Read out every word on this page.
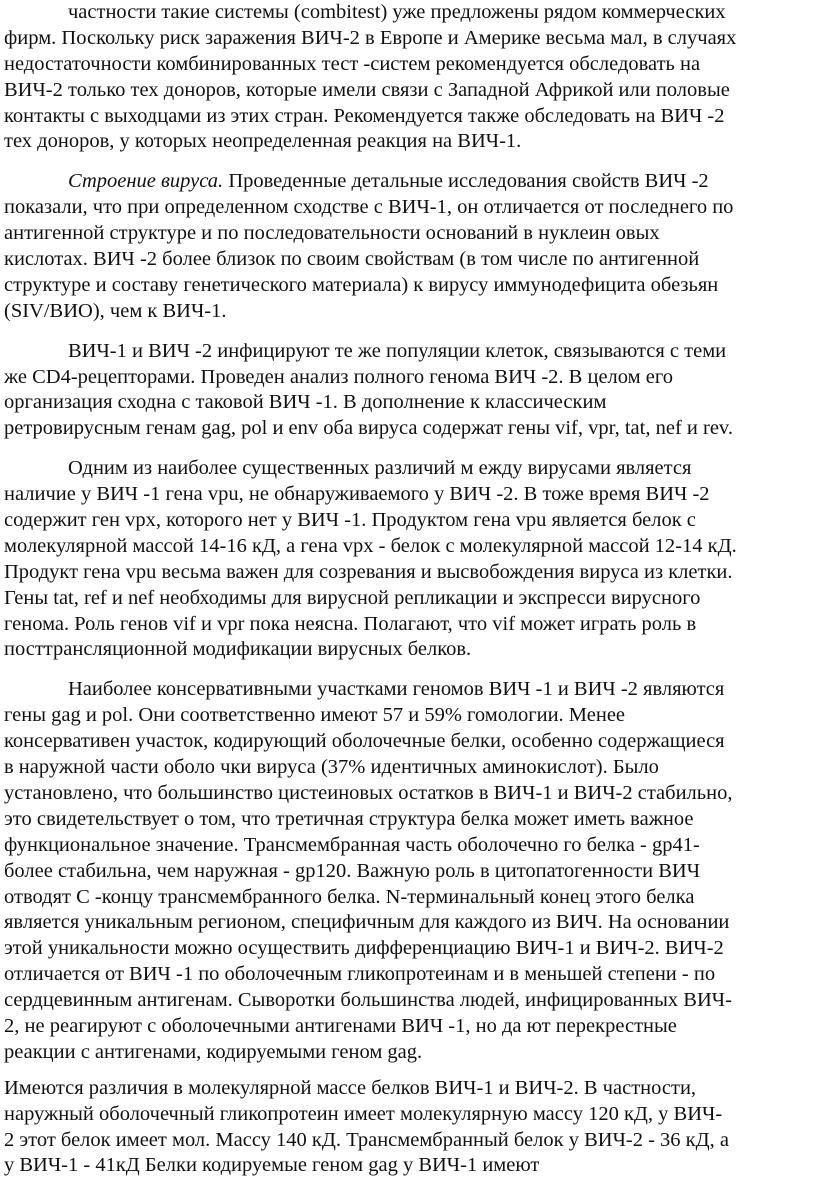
частности такие системы (combitest) уже предложены рядом коммерческих
фирм. Поскольку риск заражения ВИЧ-2 в Европе и Америке весьма мал, в случаях
недостаточности комбинированных тест -систем рекомендуется обследовать на
ВИЧ-2 только тех доноров, которые имели связи с Западной Африкой или половые
контакты с выходцами из этих стран. Рекомендуется также обследовать на ВИЧ -2
тех доноров, у которых неопределенная реакция на ВИЧ-1.
Строение вируса. Проведенные детальные исследования свойств ВИЧ -2
показали, что при определенном сходстве с ВИЧ-1, он отличается от последнего по
антигенной структуре и по последовательности оснований в нуклеин овых
кислотах. ВИЧ -2 более близок по своим свойствам (в том числе по антигенной
структуре и составу генетического материала) к вирусу иммунодефицита обезьян
(SIV/ВИО), чем к ВИЧ-1.
ВИЧ-1 и ВИЧ -2 инфицируют те же популяции клеток, связываются с теми
же CD4-рецепторами. Проведен анализ полного генома ВИЧ -2. В целом его
организация сходна с таковой ВИЧ -1. В дополнение к классическим
ретровирусным генам gag, pol и env оба вируса содержат гены vif, vpr, tat, nef и rev.
Одним из наиболее существенных различий м ежду вирусами является
наличие у ВИЧ -1 гена vpu, не обнаруживаемого у ВИЧ -2. В тоже время ВИЧ -2
содержит ген vpx, которого нет у ВИЧ -1. Продуктом гена vpu является белок с
молекулярной массой 14-16 кД, а гена vpx - белок с молекулярной массой 12-14 кД.
Продукт гена vpu весьма важен для созревания и высвобождения вируса из клетки.
Гены tat, ref и nef необходимы для вирусной репликации и экспресси вирусного
генома. Роль генов vif и vpr пока неясна. Полагают, что vif может играть роль в
посттрансляционной модификации вирусных белков.
Наиболее консервативными участками геномов ВИЧ -1 и ВИЧ -2 являются
гены gag и pol. Они соответственно имеют 57 и 59% гомологии. Менее
консервативен участок, кодирующий оболочечные белки, особенно содержащиеся
в наружной части оболо чки вируса (37% идентичных аминокислот). Было
установлено, что большинство цистеиновых остатков в ВИЧ-1 и ВИЧ-2 стабильно,
это свидетельствует о том, что третичная структура белка может иметь важное
функциональное значение. Трансмембранная часть оболочечно го белка - gp41-
более стабильна, чем наружная - gp120. Важную роль в цитопатогенности ВИЧ
отводят С -концу трансмембранного белка. N-терминальный конец этого белка
является уникальным регионом, специфичным для каждого из ВИЧ. На основании
этой уникальности можно осуществить дифференциацию ВИЧ-1 и ВИЧ-2. ВИЧ-2
отличается от ВИЧ -1 по оболочечным гликопротеинам и в меньшей степени - по
сердцевинным антигенам. Сыворотки большинства людей, инфицированных ВИЧ-
2, не реагируют с оболочечными антигенами ВИЧ -1, но да ют перекрестные
реакции с антигенами, кодируемыми геном gag.
Имеются различия в молекулярной массе белков ВИЧ-1 и ВИЧ-2. В частности,
наружный оболочечный гликопротеин имеет молекулярную массу 120 кД, у ВИЧ-
2 этот белок имеет мол. Массу 140 кД. Трансмембранный белок у ВИЧ-2 - 36 кД, а
у ВИЧ-1 - 41кД Белки кодируемые геном gag у ВИЧ-1 имеют
